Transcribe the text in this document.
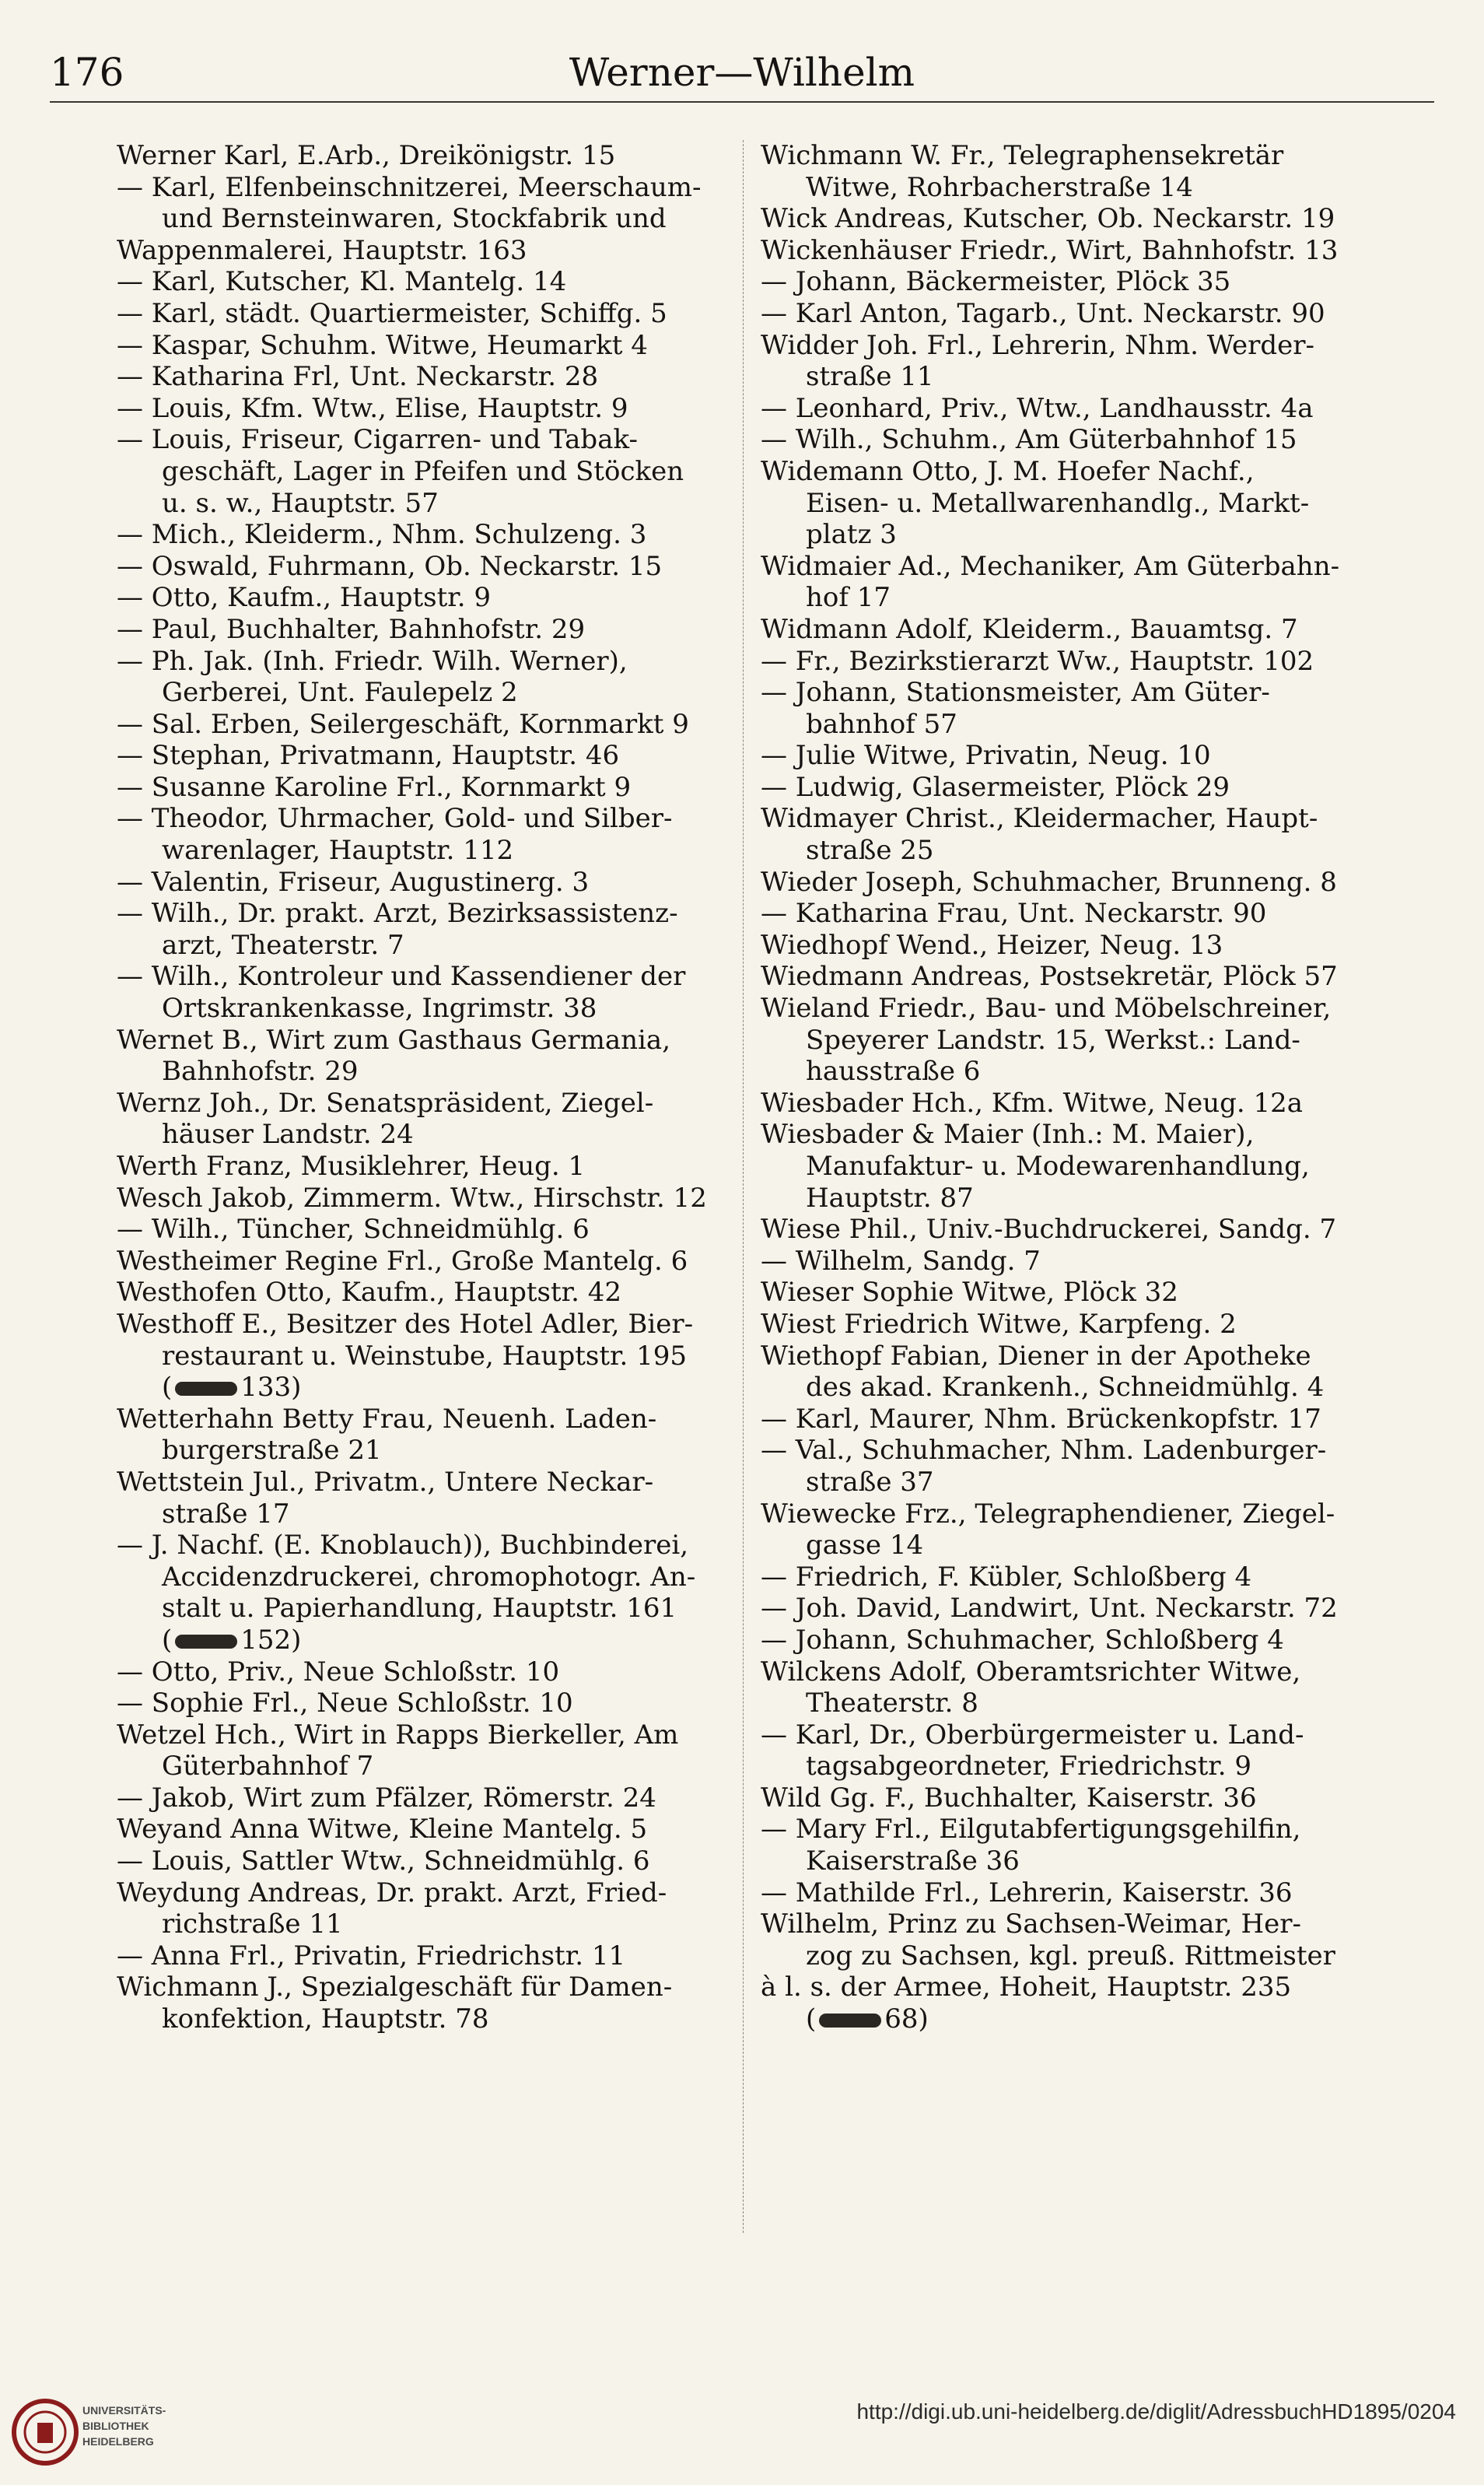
176	Werner—Wilhelm
Werner Karl, E.Arb., Dreikönigstr. 15
— Karl, Elfenbeinschnitzerei, Meerschaum-
und Bernsteinwaren, Stockfabrik und
Wappenmalerei, Hauptstr. 163
— Karl, Kutscher, Kl. Mantelg. 14
— Karl, städt. Quartiermeister, Schiffg. 5
— Kaspar, Schuhm. Witwe, Heumarkt 4
— Katharina Frl, Unt. Neckarstr. 28
— Louis, Kfm. Wtw., Elise, Hauptstr. 9
— Louis, Friseur, Cigarren- und Tabak-
geschäft, Lager in Pfeifen und Stöcken
u. s. w., Hauptstr. 57
— Mich., Kleiderm., Nhm. Schulzeng. 3
— Oswald, Fuhrmann, Ob. Neckarstr. 15
— Otto, Kaufm., Hauptstr. 9
— Paul, Buchhalter, Bahnhofstr. 29
— Ph. Jak. (Inh. Friedr. Wilh. Werner),
Gerberei, Unt. Faulepelz 2
— Sal. Erben, Seilergeschäft, Kornmarkt 9
— Stephan, Privatmann, Hauptstr. 46
— Susanne Karoline Frl., Kornmarkt 9
— Theodor, Uhrmacher, Gold- und Silber-
warenlager, Hauptstr. 112
— Valentin, Friseur, Augustinerg. 3
— Wilh., Dr. prakt. Arzt, Bezirksassistenz-
arzt, Theaterstr. 7
— Wilh., Kontroleur und Kassendiener der
Ortskrankenkasse, Ingrimstr. 38
Wernet B., Wirt zum Gasthaus Germania,
Bahnhofstr. 29
Wernz Joh., Dr. Senatspräsident, Ziegel-
häuser Landstr. 24
Werth Franz, Musiklehrer, Heug. 1
Wesch Jakob, Zimmerm. Wtw., Hirschstr. 12
— Wilh., Tüncher, Schneidmühlg. 6
Westheimer Regine Frl., Große Mantelg. 6
Westhofen Otto, Kaufm., Hauptstr. 42
Westhoff E., Besitzer des Hotel Adler, Bier-
restaurant u. Weinstube, Hauptstr. 195
(	133)
Wetterhahn Betty Frau, Neuenh. Laden-
burgerstraße 21
Wettstein Jul., Privatm., Untere Neckar-
straße 17
— J. Nachf. (E. Knoblauch)), Buchbinderei,
Accidenzdruckerei, chromophotogr. An-
stalt u. Papierhandlung, Hauptstr. 161
(	152)
— Otto, Priv., Neue Schloßstr. 10
— Sophie Frl., Neue Schloßstr. 10
Wetzel Hch., Wirt in Rapps Bierkeller, Am
Güterbahnhof 7
— Jakob, Wirt zum Pfälzer, Römerstr. 24
Weyand Anna Witwe, Kleine Mantelg. 5
— Louis, Sattler Wtw., Schneidmühlg. 6
Weydung Andreas, Dr. prakt. Arzt, Fried-
richstraße 11
— Anna Frl., Privatin, Friedrichstr. 11
Wichmann J., Spezialgeschäft für Damen-
konfektion, Hauptstr. 78
Wichmann W. Fr., Telegraphensekretär
Witwe, Rohrbacherstraße 14
Wick Andreas, Kutscher, Ob. Neckarstr. 19
Wickenhäuser Friedr., Wirt, Bahnhofstr. 13
— Johann, Bäckermeister, Plöck 35
— Karl Anton, Tagarb., Unt. Neckarstr. 90
Widder Joh. Frl., Lehrerin, Nhm. Werder-
straße 11
— Leonhard, Priv., Wtw., Landhausstr. 4a
— Wilh., Schuhm., Am Güterbahnhof 15
Widemann Otto, J. M. Hoefer Nachf.,
Eisen- u. Metallwarenhandlg., Markt-
platz 3
Widmaier Ad., Mechaniker, Am Güterbahn-
hof 17
Widmann Adolf, Kleiderm., Bauamtsg. 7
— Fr., Bezirkstierarzt Ww., Hauptstr. 102
— Johann, Stationsmeister, Am Güter-
bahnhof 57
— Julie Witwe, Privatin, Neug. 10
— Ludwig, Glasermeister, Plöck 29
Widmayer Christ., Kleidermacher, Haupt-
straße 25
Wieder Joseph, Schuhmacher, Brunneng. 8
— Katharina Frau, Unt. Neckarstr. 90
Wiedhopf Wend., Heizer, Neug. 13
Wiedmann Andreas, Postsekretär, Plöck 57
Wieland Friedr., Bau- und Möbelschreiner,
Speyerer Landstr. 15, Werkst.: Land-
hausstraße 6
Wiesbader Hch., Kfm. Witwe, Neug. 12a
Wiesbader & Maier (Inh.: M. Maier),
Manufaktur- u. Modewarenhandlung,
Hauptstr. 87
Wiese Phil., Univ.-Buchdruckerei, Sandg. 7
— Wilhelm, Sandg. 7
Wieser Sophie Witwe, Plöck 32
Wiest Friedrich Witwe, Karpfeng. 2
Wiethopf Fabian, Diener in der Apotheke
des akad. Krankenh., Schneidmühlg. 4
— Karl, Maurer, Nhm. Brückenkopfstr. 17
— Val., Schuhmacher, Nhm. Ladenburger-
straße 37
Wiewecke Frz., Telegraphendiener, Ziegel-
gasse 14
— Friedrich, F. Kübler, Schloßberg 4
— Joh. David, Landwirt, Unt. Neckarstr. 72
— Johann, Schuhmacher, Schloßberg 4
Wilckens Adolf, Oberamtsrichter Witwe,
Theaterstr. 8
— Karl, Dr., Oberbürgermeister u. Land-
tagsabgeordneter, Friedrichstr. 9
Wild Gg. F., Buchhalter, Kaiserstr. 36
— Mary Frl., Eilgutabfertigungsgehilfin,
Kaiserstraße 36
— Mathilde Frl., Lehrerin, Kaiserstr. 36
Wilhelm, Prinz zu Sachsen-Weimar, Her-
zog zu Sachsen, kgl. preuß. Rittmeister
à l. s. der Armee, Hoheit, Hauptstr. 235
(	68)
UNIVERSITÄTS-
BIBLIOTHEK
HEIDELBERG
http://digi.ub.uni-heidelberg.de/diglit/AdressbuchHD1895/0204
